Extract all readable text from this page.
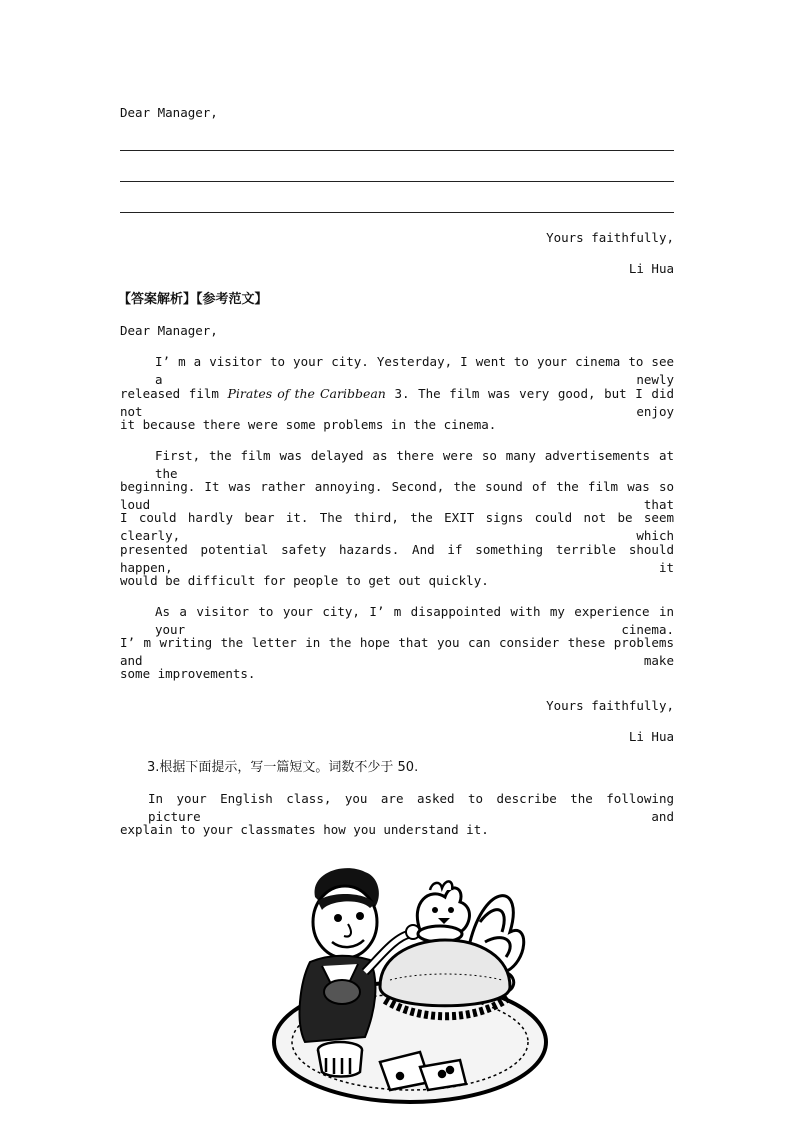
Dear Manager,
Yours faithfully,
Li Hua
【答案解析】【参考范文】
Dear Manager,
I’ m a visitor to your city. Yesterday, I went to your cinema to see a newly
released film Pirates of the Caribbean 3. The film was very good, but I did not enjoy
it because there were some problems in the cinema.
First, the film was delayed as there were so many advertisements at the
beginning. It was rather annoying. Second, the sound of the film was so loud that
I could hardly bear it. The third, the EXIT signs could not be seem clearly, which
presented potential safety hazards. And if something terrible should happen, it
would be difficult for people to get out quickly.
As a visitor to your city, I’ m disappointed with my experience in your cinema.
I’ m writing the letter in the hope that you can consider these problems and make
some improvements.
Yours faithfully,
Li Hua
3.根据下面提示，写一篇短文。词数不少于 50.
In your English class, you are asked to describe the following picture and
explain to your classmates how you understand it.
